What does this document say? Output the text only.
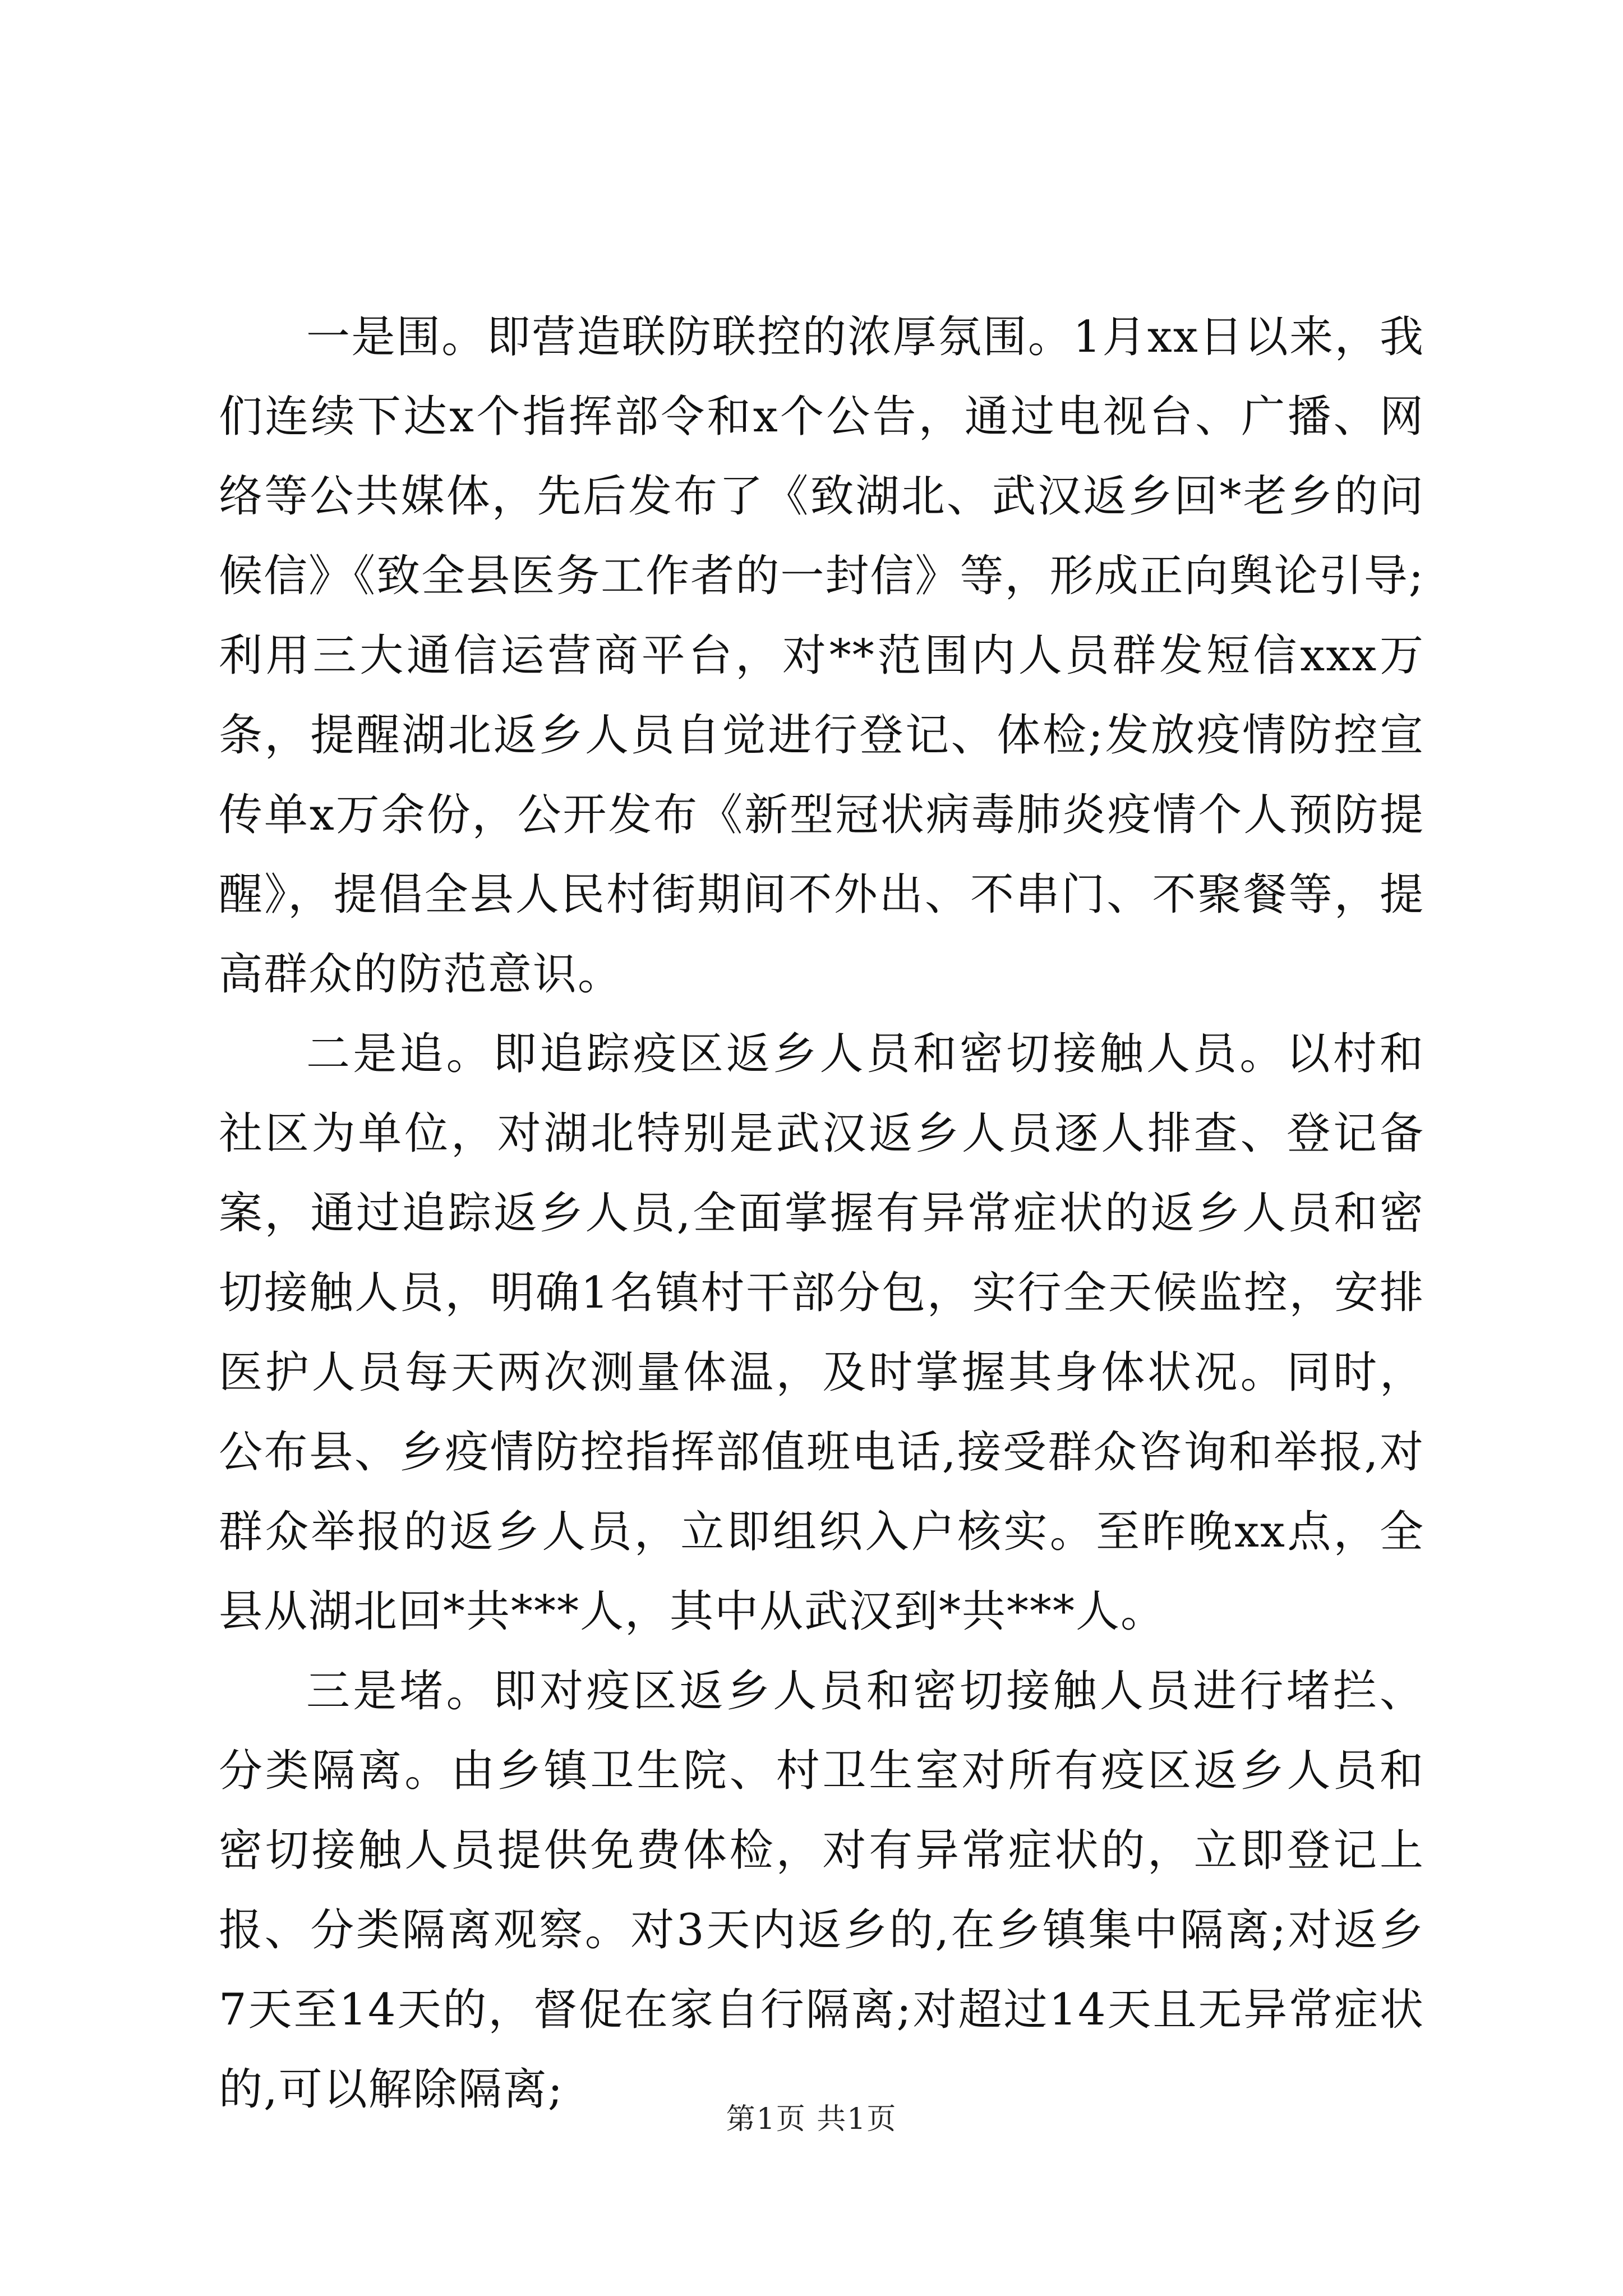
一是围。即营造联防联控的浓厚氛围。1月xx日以来，我们连续下达x个指挥部令和x个公告，通过电视台、广播、网络等公共媒体，先后发布了《致湖北、武汉返乡回*老乡的问候信》《致全县医务工作者的一封信》等，形成正向舆论引导;利用三大通信运营商平台，对**范围内人员群发短信xxx万条，提醒湖北返乡人员自觉进行登记、体检;发放疫情防控宣传单x万余份，公开发布《新型冠状病毒肺炎疫情个人预防提醒》，提倡全县人民村街期间不外出、不串门、不聚餐等，提高群众的防范意识。

二是追。即追踪疫区返乡人员和密切接触人员。以村和社区为单位，对湖北特别是武汉返乡人员逐人排查、登记备案，通过追踪返乡人员,全面掌握有异常症状的返乡人员和密切接触人员，明确1名镇村干部分包，实行全天候监控，安排医护人员每天两次测量体温，及时掌握其身体状况。同时，公布县、乡疫情防控指挥部值班电话,接受群众咨询和举报,对群众举报的返乡人员，立即组织入户核实。至昨晚xx点，全县从湖北回*共***人，其中从武汉到*共***人。

三是堵。即对疫区返乡人员和密切接触人员进行堵拦、分类隔离。由乡镇卫生院、村卫生室对所有疫区返乡人员和密切接触人员提供免费体检，对有异常症状的，立即登记上报、分类隔离观察。对3天内返乡的,在乡镇集中隔离;对返乡7天至14天的，督促在家自行隔离;对超过14天且无异常症状的,可以解除隔离;

第1页 共1页
